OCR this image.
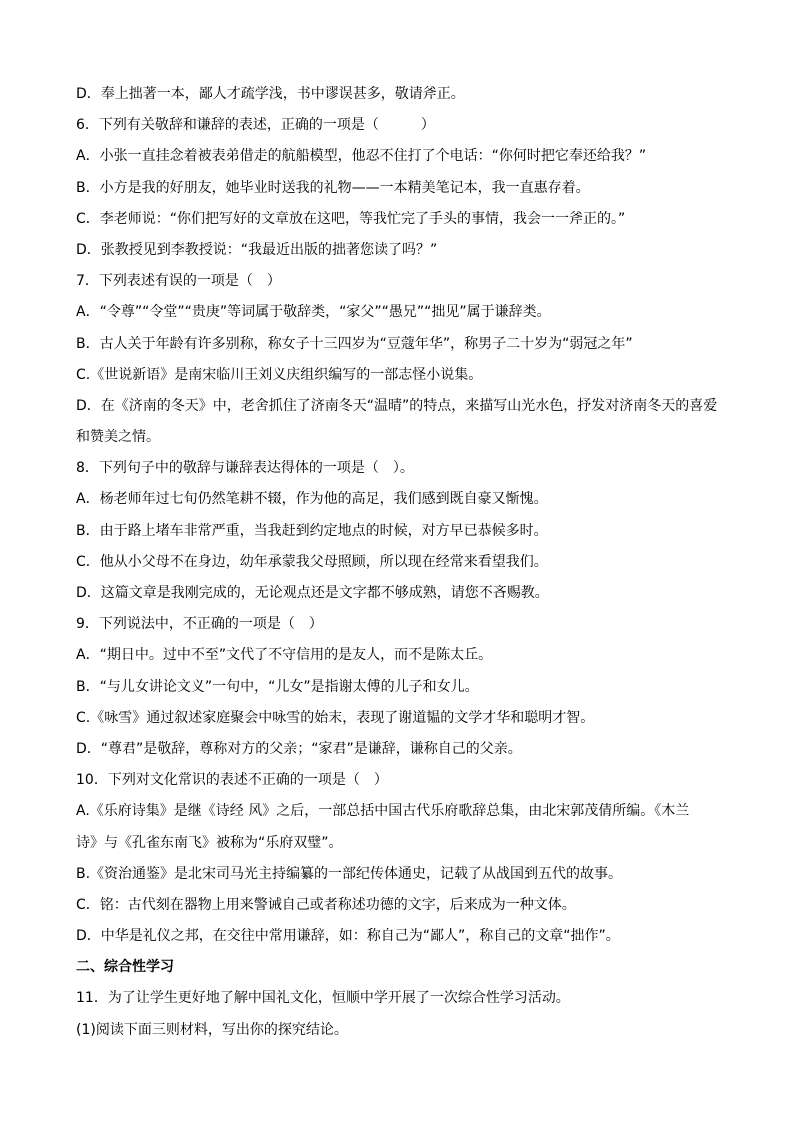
D．奉上拙著一本，鄙人才疏学浅，书中谬误甚多，敬请斧正。
6．下列有关敬辞和谦辞的表述，正确的一项是（　　　）
A．小张一直挂念着被表弟借走的航船模型，他忍不住打了个电话：“你何时把它奉还给我？”
B．小方是我的好朋友，她毕业时送我的礼物——一本精美笔记本，我一直惠存着。
C．李老师说：“你们把写好的文章放在这吧，等我忙完了手头的事情，我会一一斧正的。”
D．张教授见到李教授说：“我最近出版的拙著您读了吗？”
7．下列表述有误的一项是（　）
A．“令尊”“令堂”“贵庚”等词属于敬辞类，“家父”“愚兄”“拙见”属于谦辞类。
B．古人关于年龄有许多别称，称女子十三四岁为“豆蔻年华”，称男子二十岁为“弱冠之年”
C.《世说新语》是南宋临川王刘义庆组织编写的一部志怪小说集。
D．在《济南的冬天》中，老舍抓住了济南冬天“温晴”的特点，来描写山光水色，抒发对济南冬天的喜爱
和赞美之情。
8．下列句子中的敬辞与谦辞表达得体的一项是（　）。
A．杨老师年过七旬仍然笔耕不辍，作为他的高足，我们感到既自豪又惭愧。
B．由于路上堵车非常严重，当我赶到约定地点的时候，对方早已恭候多时。
C．他从小父母不在身边，幼年承蒙我父母照顾，所以现在经常来看望我们。
D．这篇文章是我刚完成的，无论观点还是文字都不够成熟，请您不吝赐教。
9．下列说法中，不正确的一项是（　）
A．“期日中。过中不至”文代了不守信用的是友人，而不是陈太丘。
B．“与儿女讲论文义”一句中，“儿女”是指谢太傅的儿子和女儿。
C.《咏雪》通过叙述家庭聚会中咏雪的始末，表现了谢道韫的文学才华和聪明才智。
D．“尊君”是敬辞，尊称对方的父亲；“家君”是谦辞，谦称自己的父亲。
10．下列对文化常识的表述不正确的一项是（　）
A.《乐府诗集》是继《诗经 风》之后，一部总括中国古代乐府歌辞总集，由北宋郭茂倩所编。《木兰
诗》与《孔雀东南飞》被称为“乐府双璧”。
B.《资治通鉴》是北宋司马光主持编纂的一部纪传体通史，记载了从战国到五代的故事。
C．铭：古代刻在器物上用来警诫自己或者称述功德的文字，后来成为一种文体。
D．中华是礼仪之邦，在交往中常用谦辞，如：称自己为“鄙人”，称自己的文章“拙作”。
二、综合性学习
11．为了让学生更好地了解中国礼文化，恒顺中学开展了一次综合性学习活动。
(1)阅读下面三则材料，写出你的探究结论。
